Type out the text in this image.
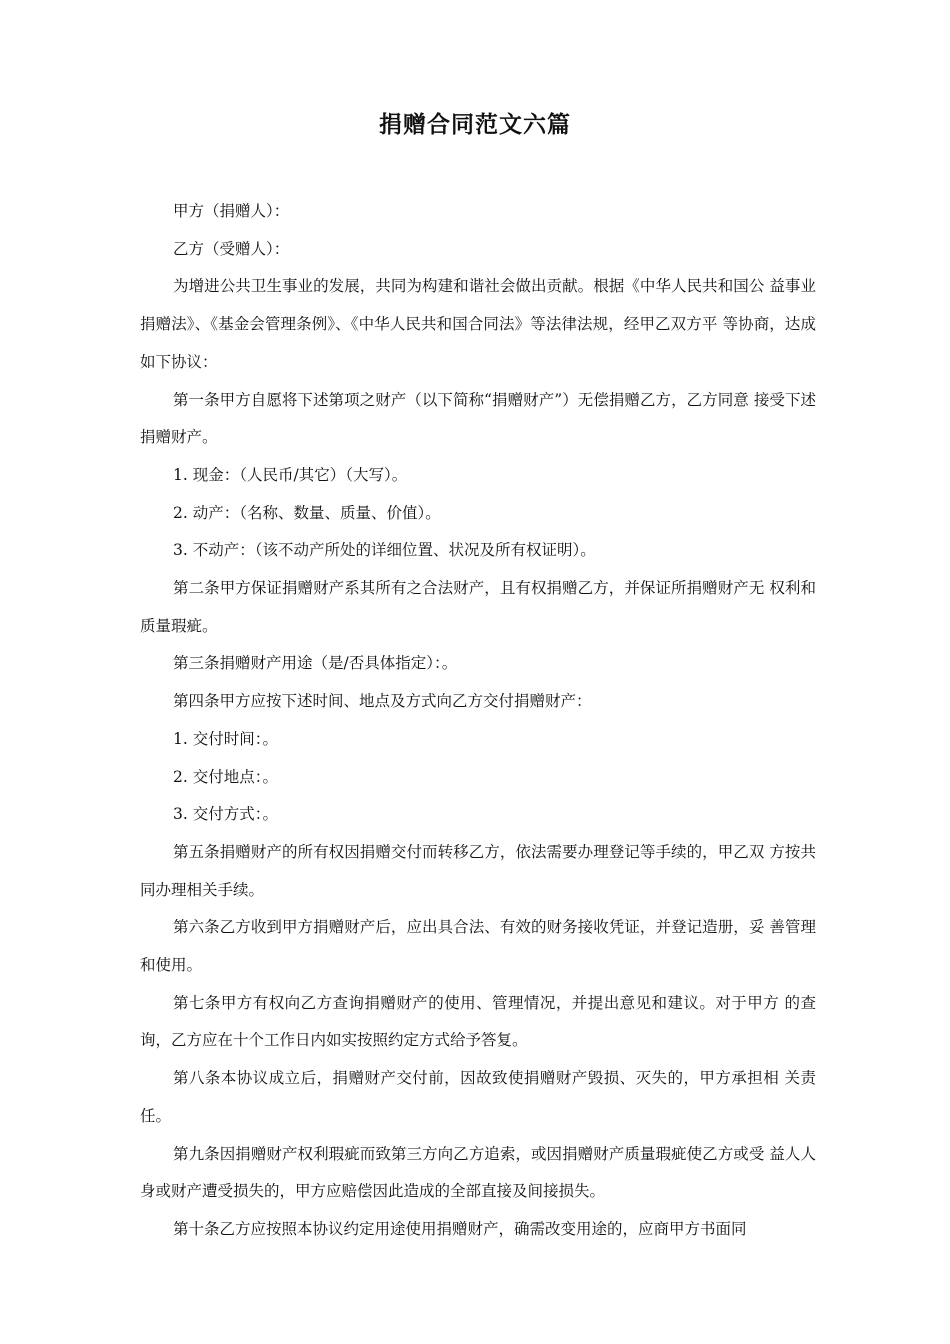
捐赠合同范文六篇

甲方（捐赠人）：

乙方（受赠人）：

为增进公共卫生事业的发展，共同为构建和谐社会做出贡献。根据《中华人民共和国公 益事业捐赠法》、《基金会管理条例》、《中华人民共和国合同法》等法律法规，经甲乙双方平 等协商，达成如下协议：

第一条甲方自愿将下述第项之财产（以下简称“捐赠财产”）无偿捐赠乙方，乙方同意 接受下述捐赠财产。

1. 现金：（人民币/其它）（大写）。

2. 动产：（名称、数量、质量、价值）。

3. 不动产：（该不动产所处的详细位置、状况及所有权证明）。

第二条甲方保证捐赠财产系其所有之合法财产，且有权捐赠乙方，并保证所捐赠财产无 权利和质量瑕疵。

第三条捐赠财产用途（是/否具体指定）：。

第四条甲方应按下述时间、地点及方式向乙方交付捐赠财产：

1. 交付时间：。

2. 交付地点：。

3. 交付方式：。

第五条捐赠财产的所有权因捐赠交付而转移乙方，依法需要办理登记等手续的，甲乙双 方按共同办理相关手续。

第六条乙方收到甲方捐赠财产后，应出具合法、有效的财务接收凭证，并登记造册，妥 善管理和使用。

第七条甲方有权向乙方查询捐赠财产的使用、管理情况，并提出意见和建议。对于甲方 的查询，乙方应在十个工作日内如实按照约定方式给予答复。

第八条本协议成立后，捐赠财产交付前，因故致使捐赠财产毁损、灭失的，甲方承担相 关责任。

第九条因捐赠财产权利瑕疵而致第三方向乙方追索，或因捐赠财产质量瑕疵使乙方或受 益人人身或财产遭受损失的，甲方应赔偿因此造成的全部直接及间接损失。

第十条乙方应按照本协议约定用途使用捐赠财产，确需改变用途的，应商甲方书面同
